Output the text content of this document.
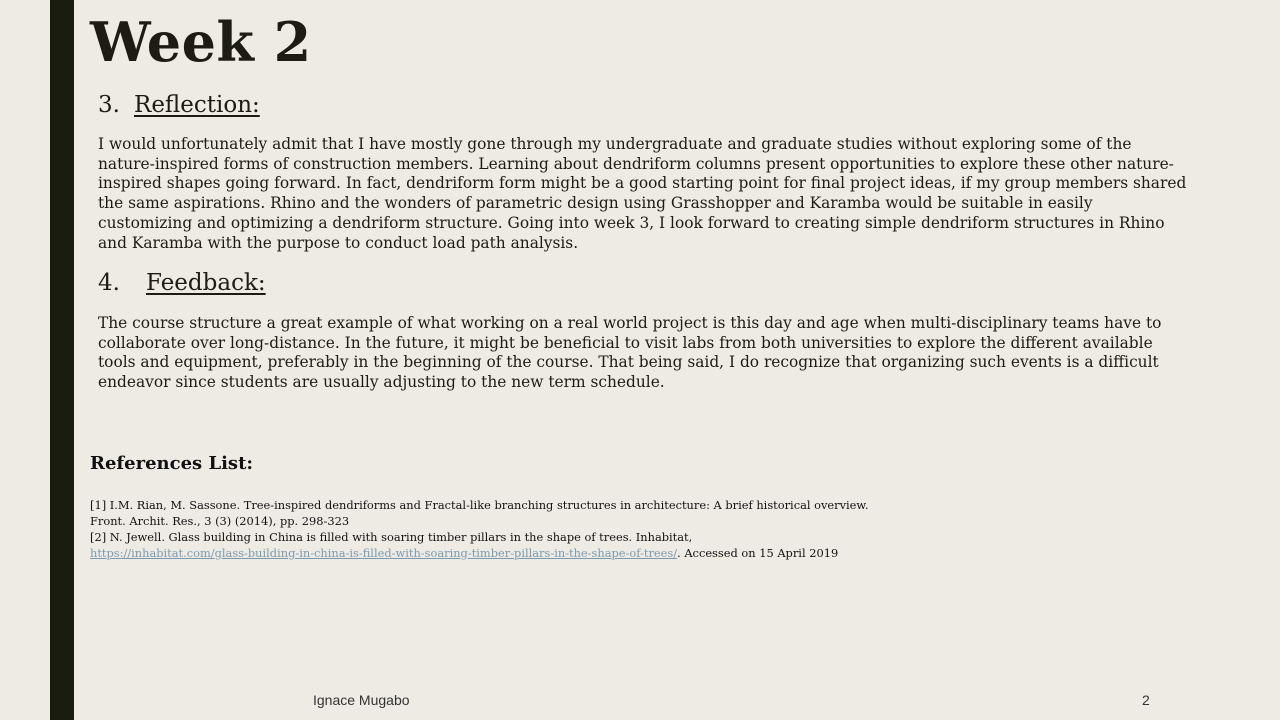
Week 2
3. Reflection:

I would unfortunately admit that I have mostly gone through my undergraduate and graduate studies without exploring some of the nature-inspired forms of construction members. Learning about dendriform columns present opportunities to explore these other nature-inspired shapes going forward. In fact, dendriform form might be a good starting point for final project ideas, if my group members shared the same aspirations. Rhino and the wonders of parametric design using Grasshopper and Karamba would be suitable in easily customizing and optimizing a dendriform structure. Going into week 3, I look forward to creating simple dendriform structures in Rhino and Karamba with the purpose to conduct load path analysis.

4. Feedback:

The course structure a great example of what working on a real world project is this day and age when multi-disciplinary teams have to collaborate over long-distance. In the future, it might be beneficial to visit labs from both universities to explore the different available tools and equipment, preferably in the beginning of the course. That being said, I do recognize that organizing such events is a difficult endeavor since students are usually adjusting to the new term schedule.

References List:
[1] I.M. Rian, M. Sassone. Tree-inspired dendriforms and Fractal-like branching structures in architecture: A brief historical overview.
Front. Archit. Res., 3 (3) (2014), pp. 298-323
[2] N. Jewell. Glass building in China is filled with soaring timber pillars in the shape of trees. Inhabitat,
https://inhabitat.com/glass-building-in-china-is-filled-with-soaring-timber-pillars-in-the-shape-of-trees/. Accessed on 15 April 2019
Ignace Mugabo	2
